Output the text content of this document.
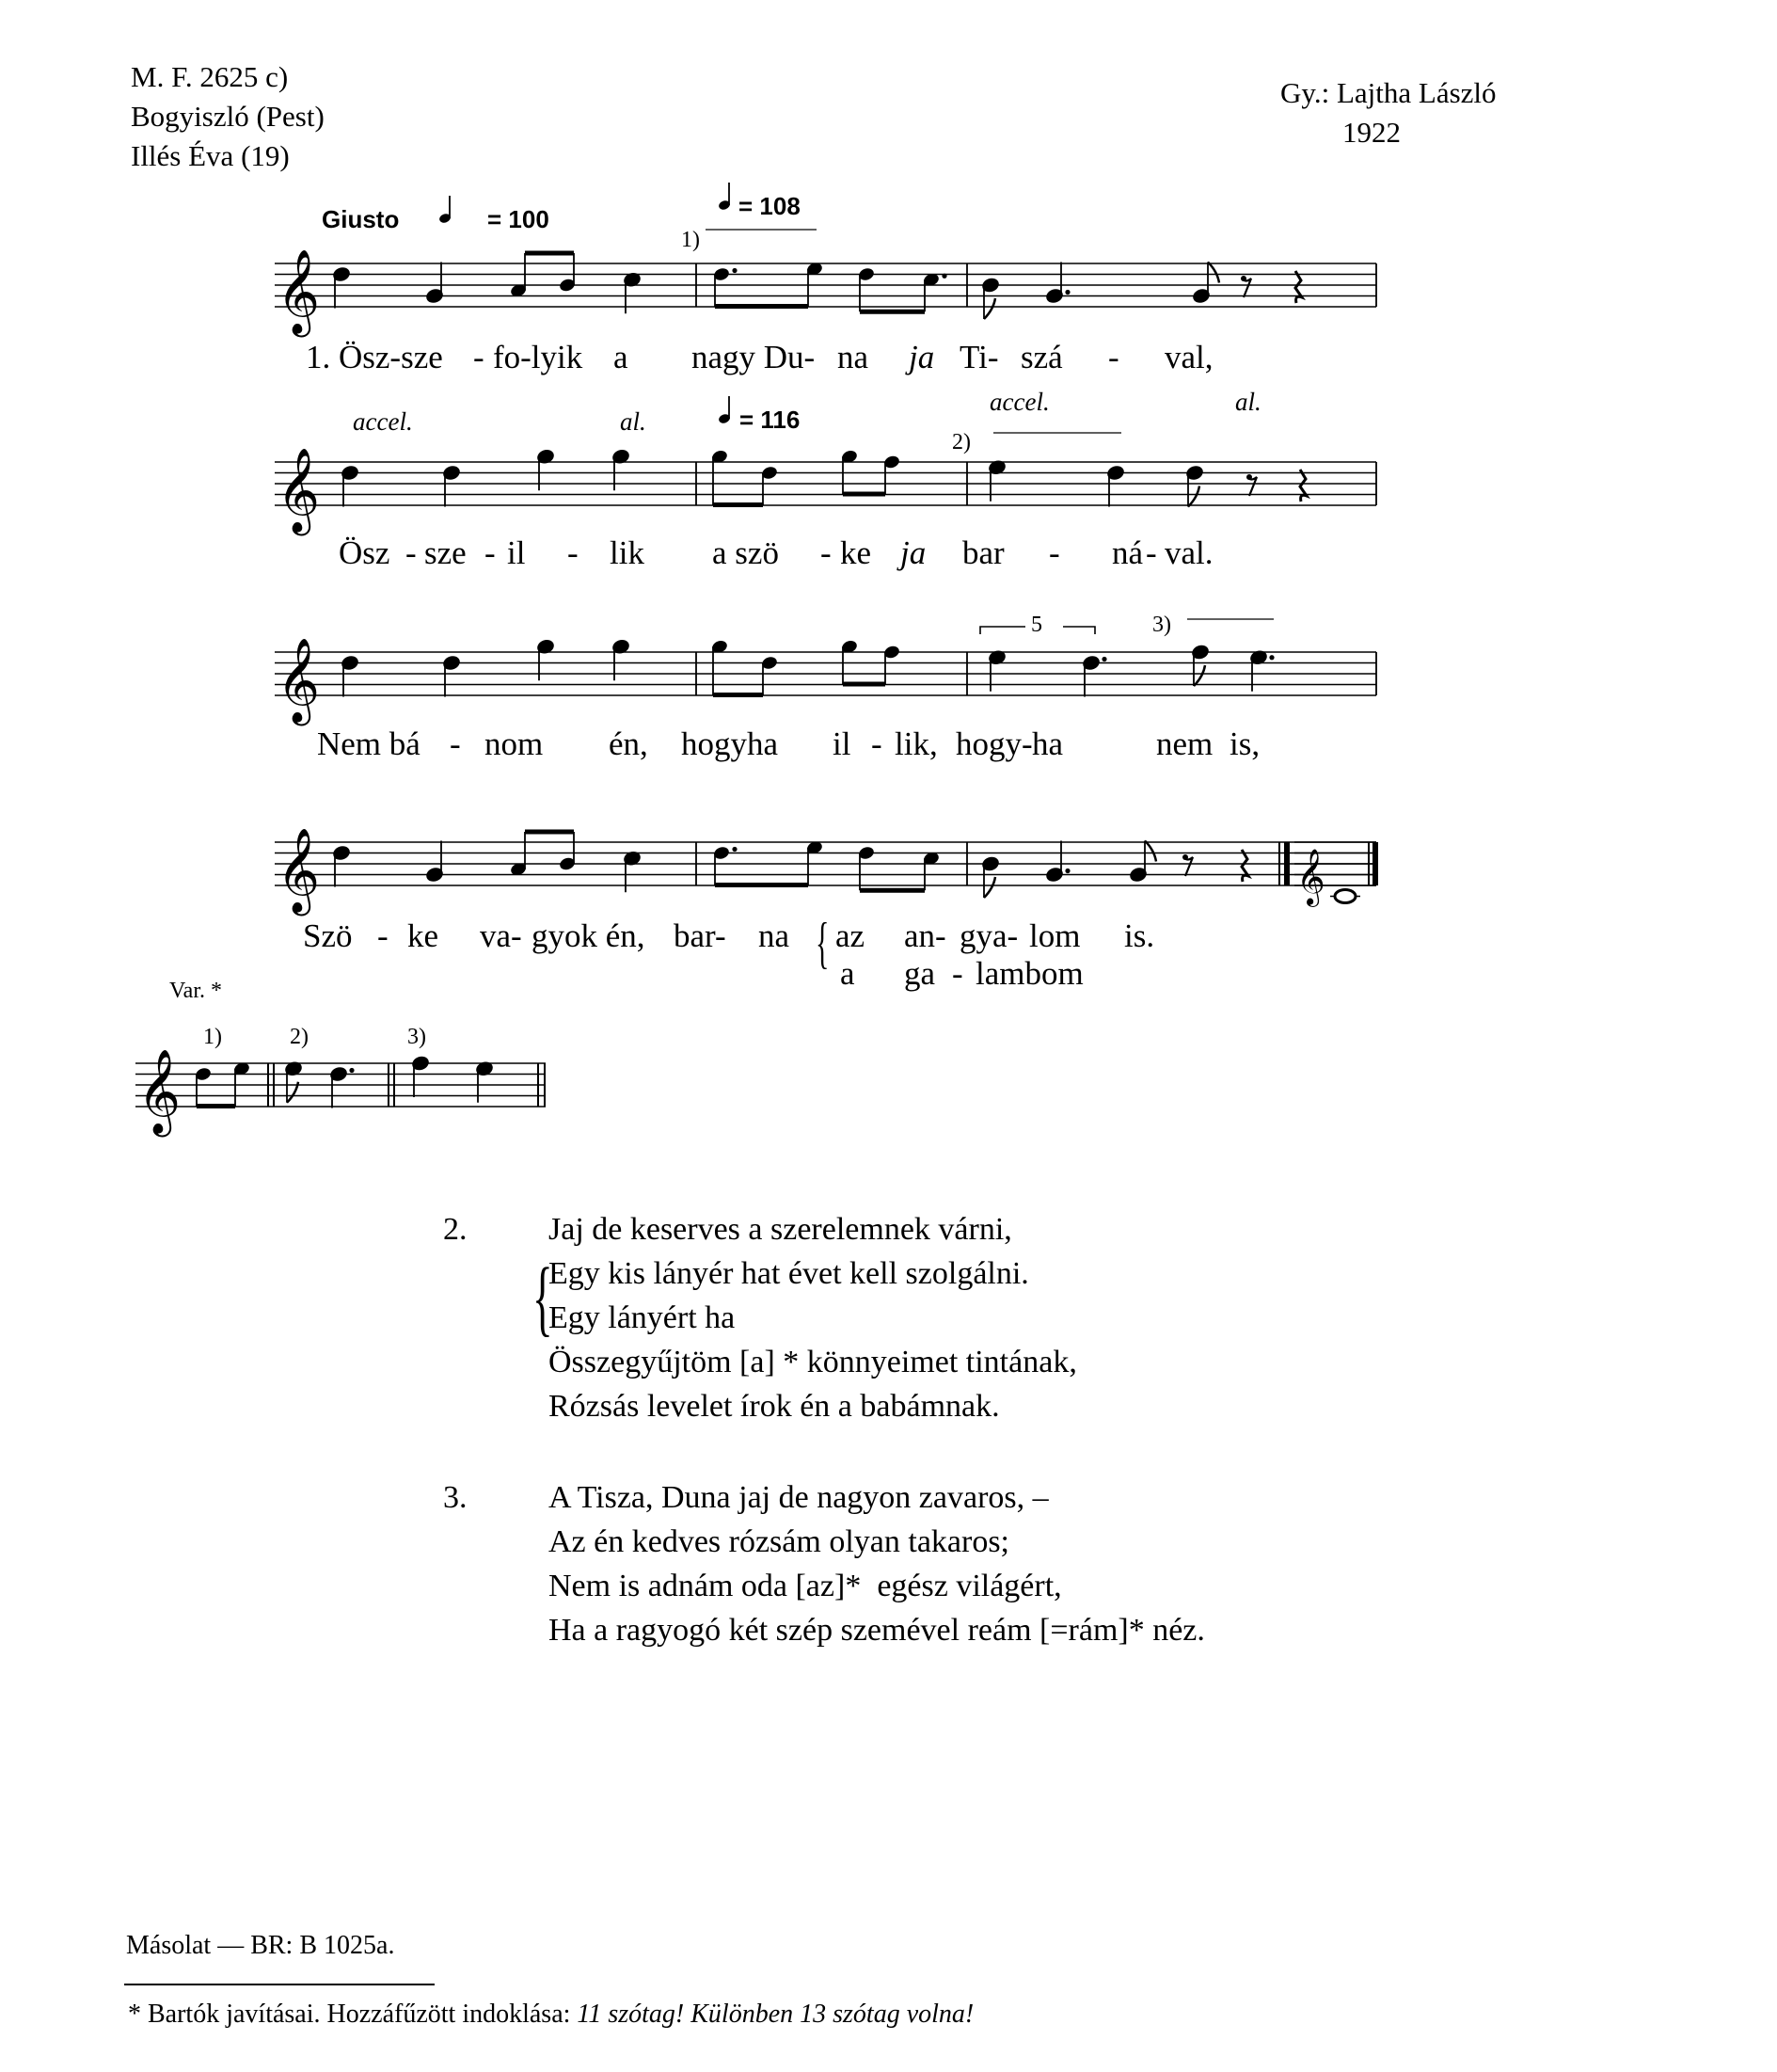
M. F. 2625 c)
Bogyiszló (Pest)
Illés Éva (19)
Gy.: Lajtha László
1922
𝄞
𝄞
𝄞
𝄞	𝄞
𝄞
Giusto	= 100	= 108
1)
accel.	al.	= 116
accel.	al.
2)
5	3)
1. Ösz-sze - fo-lyik a nagy Du- na ja Ti- szá - val,
Ösz - sze - il - lik a szö - ke ja bar - ná - val.
Nem bá - nom én, hogyha il - lik, hogy- ha	nem is,
Szö - ke va- gyok én, bar- na { az an- gya- lom is.
a ga - lambom
Var. *
1)	2)	3)
2.	Jaj de keserves a szerelemnek várni,
{
Egy kis lányér hat évet kell szolgálni.
Egy lányért ha
Összegyűjtöm [a] * könnyeimet tintának,
Rózsás levelet írok én a babámnak.
3.	A Tisza, Duna jaj de nagyon zavaros, –
Az én kedves rózsám olyan takaros;
Nem is adnám oda [az]*  egész világért,
Ha a ragyogó két szép szemével reám [=rám]* néz.
Másolat — BR: B 1025a.
* Bartók javításai. Hozzáfűzött indoklása: 11 szótag! Különben 13 szótag volna!
